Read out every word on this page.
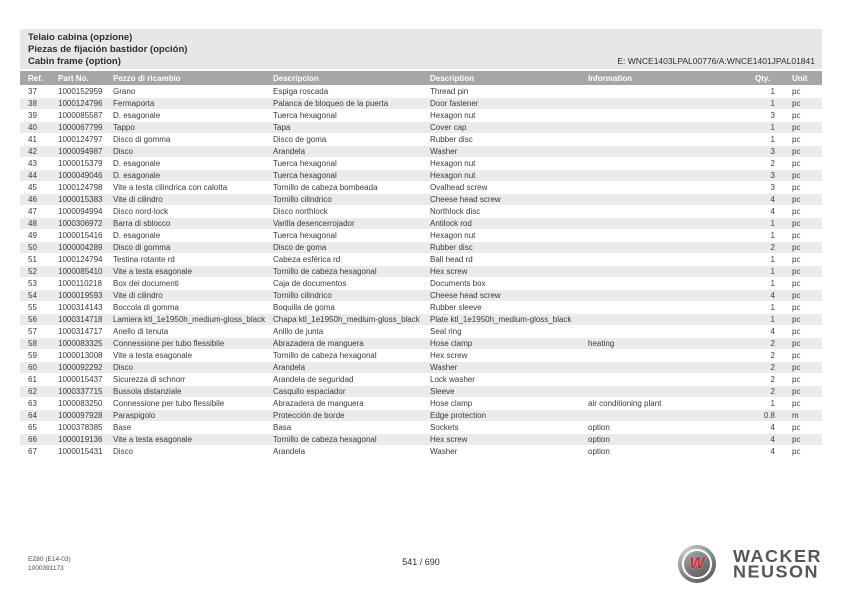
Telaio cabina (opzione)
Piezas de fijación bastidor (opción)
Cabin frame (option)	E: WNCE1403LPAL00776/A:WNCE1401JPAL01841
Ref.	Part No.	Pezzo di ricambio	Descripcion	Description	Information	Qty.	Unit
37	1000152959	Grano	Espiga roscada	Thread pin		1	pc
38	1000124796	Fermaporta	Palanca de bloqueo de la puerta	Door fastener		1	pc
39	1000085587	D. esagonale	Tuerca hexagonal	Hexagon nut		3	pc
40	1000067799	Tappo	Tapa	Cover cap		1	pc
41	1000124797	Disco di gomma	Disco de goma	Rubber disc		1	pc
42	1000094987	Disco	Arandela	Washer		3	pc
43	1000015379	D. esagonale	Tuerca hexagonal	Hexagon nut		2	pc
44	1000049046	D. esagonale	Tuerca hexagonal	Hexagon nut		3	pc
45	1000124798	Vite a testa cilindrica con calotta	Tornillo de cabeza bombeada	Ovalhead screw		3	pc
46	1000015383	Vite di cilindro	Tornillo cilindrico	Cheese head screw		4	pc
47	1000094994	Disco nord-lock	Disco northlock	Northlock disc		4	pc
48	1000306972	Barra di sblocco	Varilla desencerrojador	Antilock rod		1	pc
49	1000015416	D. esagonale	Tuerca hexagonal	Hexagon nut		1	pc
50	1000004289	Disco di gomma	Disco de goma	Rubber disc		2	pc
51	1000124794	Testina rotante rd	Cabeza esférica rd	Ball head rd		1	pc
52	1000085410	Vite a testa esagonale	Tornillo de cabeza hexagonal	Hex screw		1	pc
53	1000110218	Box dei documenti	Caja de documentos	Documents box		1	pc
54	1000019593	Vite di cilindro	Tornillo cilindrico	Cheese head screw		4	pc
55	1000314143	Boccola di gomma	Boquilla de goma	Rubber sleeve		1	pc
56	1000314718	Lamiera ktl_1e1950h_medium-gloss_black	Chapa ktl_1e1950h_medium-gloss_black	Plate ktl_1e1950h_medium-gloss_black		1	pc
57	1000314717	Anello di tenuta	Anillo de junta	Seal ring		4	pc
58	1000083325	Connessione per tubo flessibile	Abrazadera de manguera	Hose clamp	heating	2	pc
59	1000013008	Vite a testa esagonale	Tornillo de cabeza hexagonal	Hex screw		2	pc
60	1000092292	Disco	Arandela	Washer		2	pc
61	1000015437	Sicurezza di schnorr	Arandela de seguridad	Lock washer		2	pc
62	1000337715	Bussola distanziale	Casquilo espaciador	Sleeve		2	pc
63	1000083250	Connessione per tubo flessibile	Abrazadera de manguera	Hose clamp	air conditioning plant	1	pc
64	1000097928	Paraspigolo	Protección de borde	Edge protection		0.8	m
65	1000378385	Base	Basa	Sockets	option	4	pc
66	1000019136	Vite a testa esagonale	Tornillo de cabeza hexagonal	Hex screw	option	4	pc
67	1000015431	Disco	Arandela	Washer	option	4	pc
EZ80 (E14-03)
1000391173
541 / 690	W WACKER
NEUSON
